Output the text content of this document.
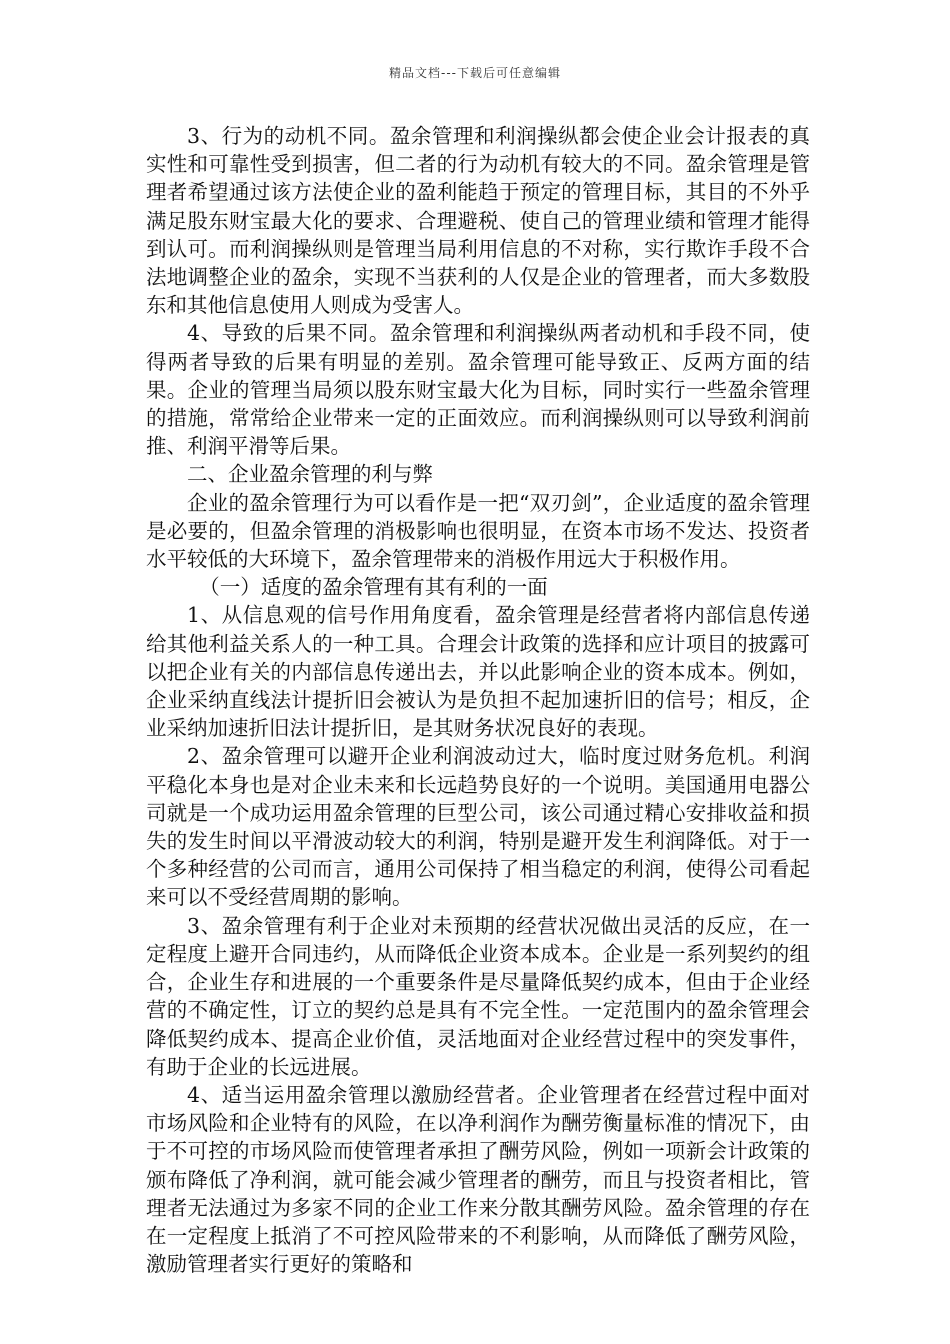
精品文档---下载后可任意编辑

3、行为的动机不同。盈余管理和利润操纵都会使企业会计报表的真实性和可靠性受到损害，但二者的行为动机有较大的不同。盈余管理是管理者希望通过该方法使企业的盈利能趋于预定的管理目标，其目的不外乎满足股东财宝最大化的要求、合理避税、使自己的管理业绩和管理才能得到认可。而利润操纵则是管理当局利用信息的不对称，实行欺诈手段不合法地调整企业的盈余，实现不当获利的人仅是企业的管理者，而大多数股东和其他信息使用人则成为受害人。

4、导致的后果不同。盈余管理和利润操纵两者动机和手段不同，使得两者导致的后果有明显的差别。盈余管理可能导致正、反两方面的结果。企业的管理当局须以股东财宝最大化为目标，同时实行一些盈余管理的措施，常常给企业带来一定的正面效应。而利润操纵则可以导致利润前推、利润平滑等后果。

二、企业盈余管理的利与弊

企业的盈余管理行为可以看作是一把“双刃剑”，企业适度的盈余管理是必要的，但盈余管理的消极影响也很明显，在资本市场不发达、投资者水平较低的大环境下，盈余管理带来的消极作用远大于积极作用。

（一）适度的盈余管理有其有利的一面

1、从信息观的信号作用角度看，盈余管理是经营者将内部信息传递给其他利益关系人的一种工具。合理会计政策的选择和应计项目的披露可以把企业有关的内部信息传递出去，并以此影响企业的资本成本。例如，企业采纳直线法计提折旧会被认为是负担不起加速折旧的信号；相反，企业采纳加速折旧法计提折旧，是其财务状况良好的表现。

2、盈余管理可以避开企业利润波动过大，临时度过财务危机。利润平稳化本身也是对企业未来和长远趋势良好的一个说明。美国通用电器公司就是一个成功运用盈余管理的巨型公司，该公司通过精心安排收益和损失的发生时间以平滑波动较大的利润，特别是避开发生利润降低。对于一个多种经营的公司而言，通用公司保持了相当稳定的利润，使得公司看起来可以不受经营周期的影响。

3、盈余管理有利于企业对未预期的经营状况做出灵活的反应，在一定程度上避开合同违约，从而降低企业资本成本。企业是一系列契约的组合，企业生存和进展的一个重要条件是尽量降低契约成本，但由于企业经营的不确定性，订立的契约总是具有不完全性。一定范围内的盈余管理会降低契约成本、提高企业价值，灵活地面对企业经营过程中的突发事件，有助于企业的长远进展。

4、适当运用盈余管理以激励经营者。企业管理者在经营过程中面对市场风险和企业特有的风险，在以净利润作为酬劳衡量标准的情况下，由于不可控的市场风险而使管理者承担了酬劳风险，例如一项新会计政策的颁布降低了净利润，就可能会减少管理者的酬劳，而且与投资者相比，管理者无法通过为多家不同的企业工作来分散其酬劳风险。盈余管理的存在在一定程度上抵消了不可控风险带来的不利影响，从而降低了酬劳风险，激励管理者实行更好的策略和
